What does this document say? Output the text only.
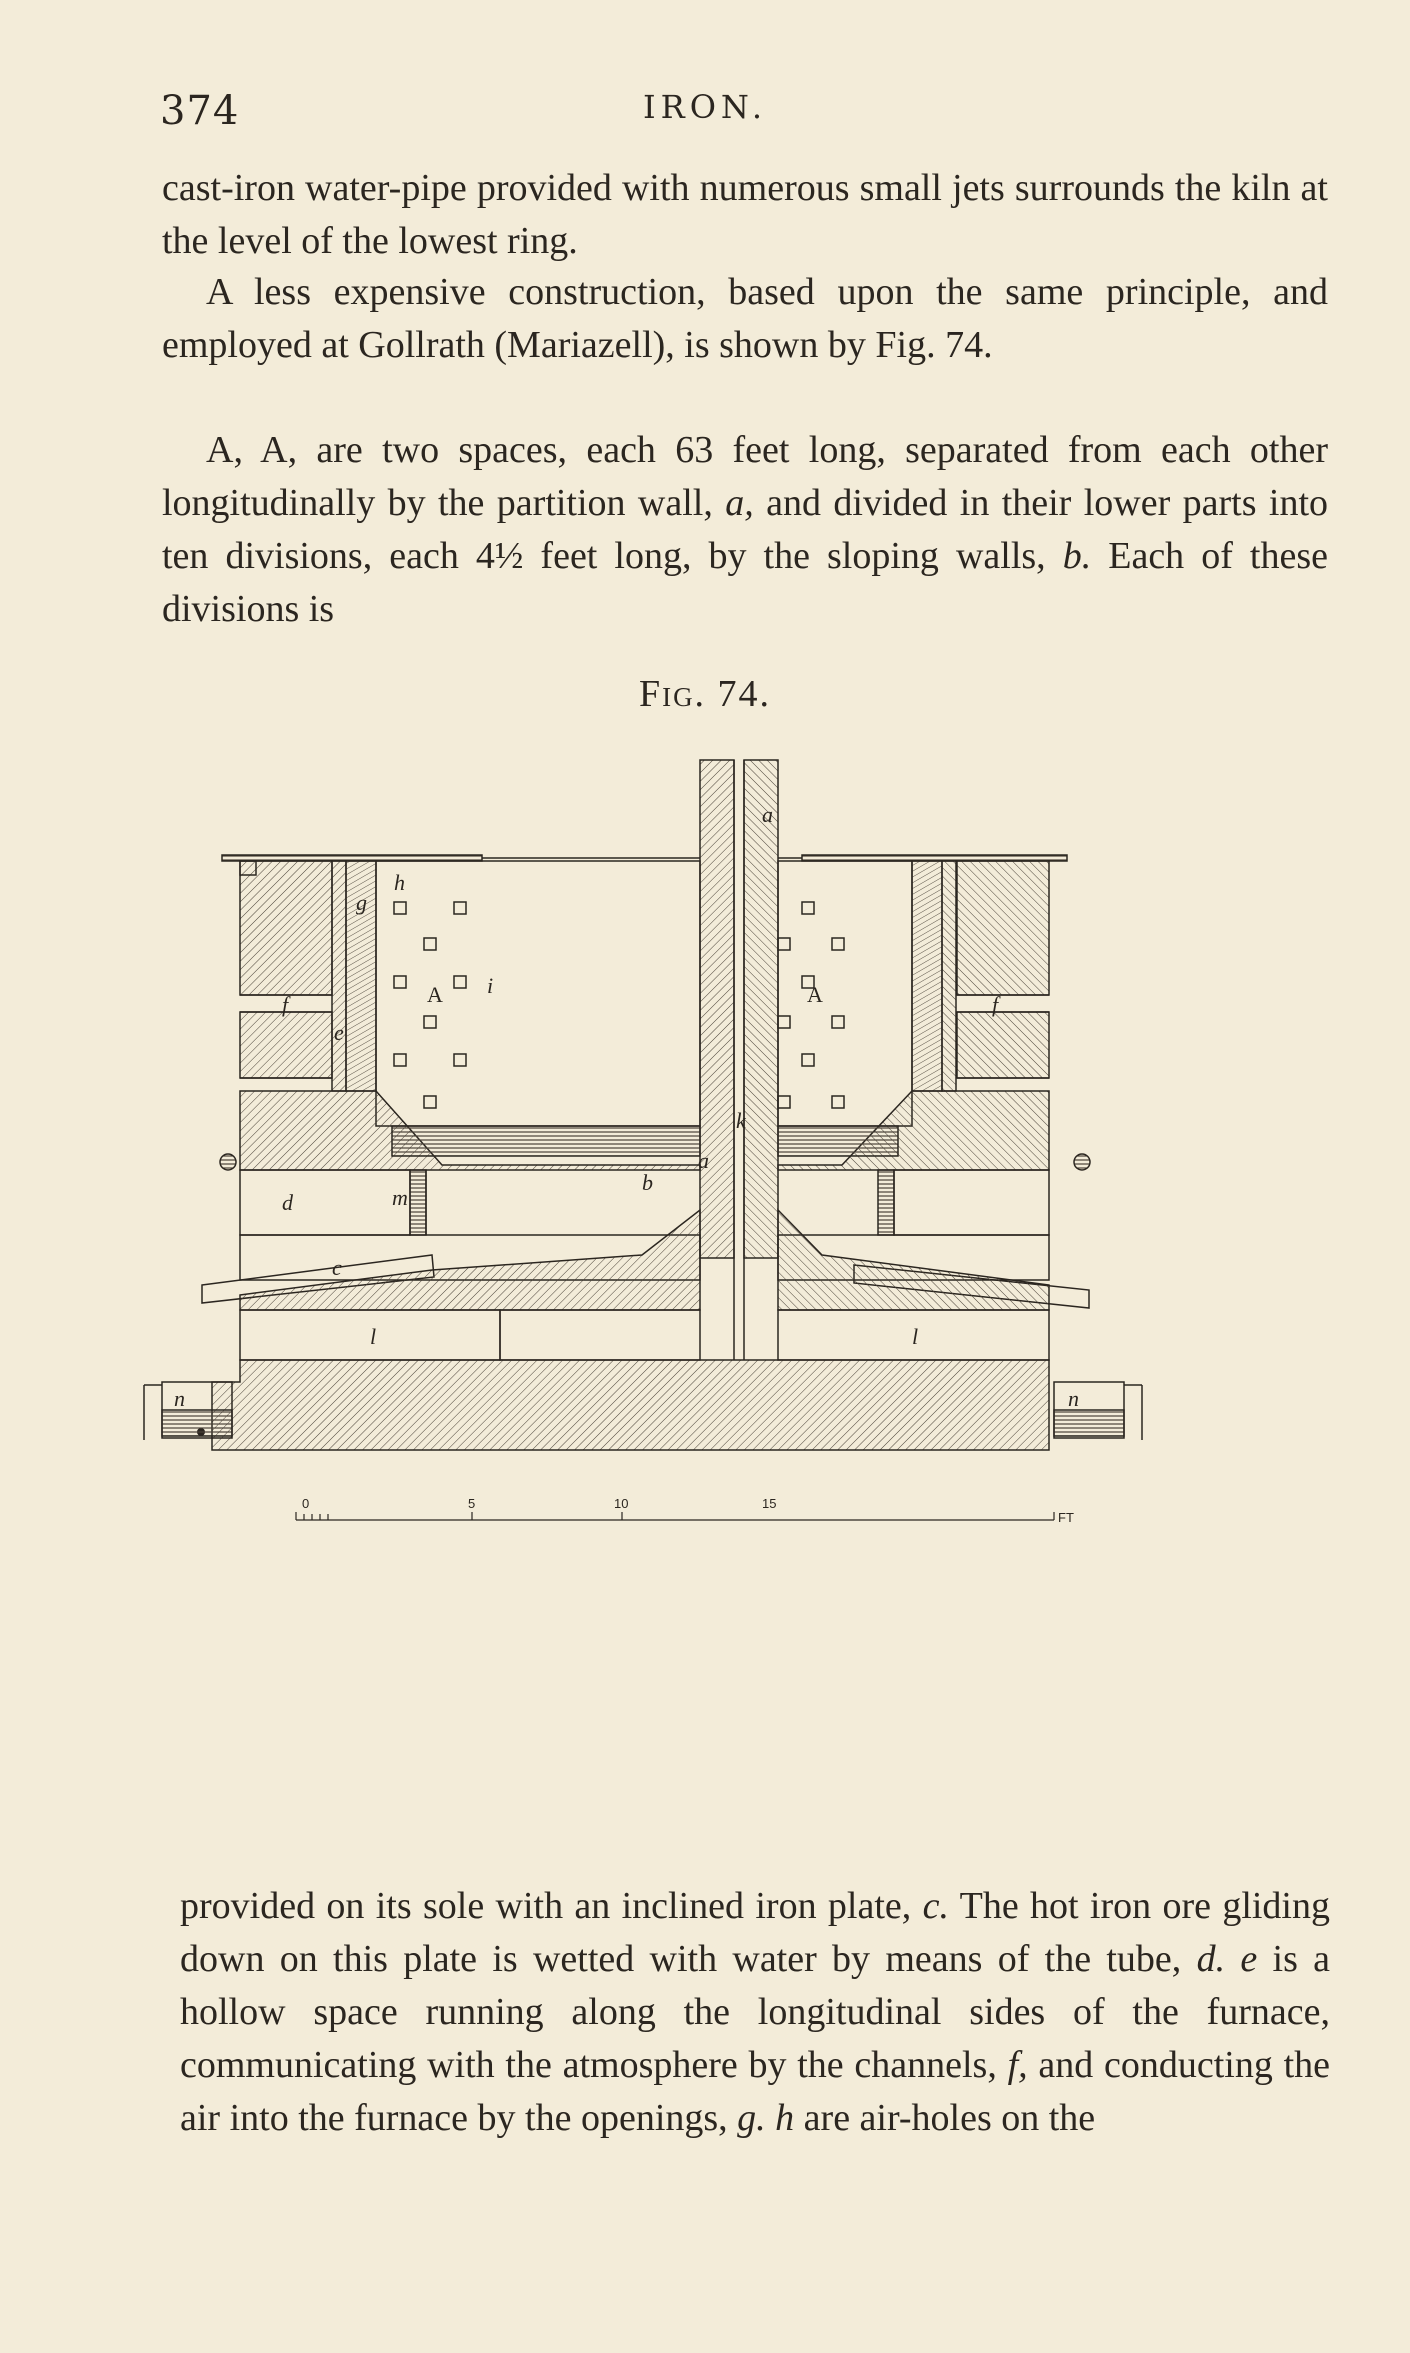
374	IRON.

cast-iron water-pipe provided with numerous small jets surrounds the kiln at the level of the lowest ring.

A less expensive construction, based upon the same principle, and employed at Gollrath (Mariazell), is shown by Fig. 74.

A, A, are two spaces, each 63 feet long, separated from each other longitudinally by the partition wall, a, and divided in their lower parts into ten divisions, each 4½ feet long, by the sloping walls, b. Each of these divisions is

Fig. 74.
a
h
A	A
g
f	f
e
i
k
b
a
m
d
c
l	l
n	n
0	5	10	15
FT

provided on its sole with an inclined iron plate, c. The hot iron ore gliding down on this plate is wetted with water by means of the tube, d. e is a hollow space running along the longitudinal sides of the furnace, communicating with the atmosphere by the channels, f, and conducting the air into the furnace by the openings, g. h are air-holes on the
